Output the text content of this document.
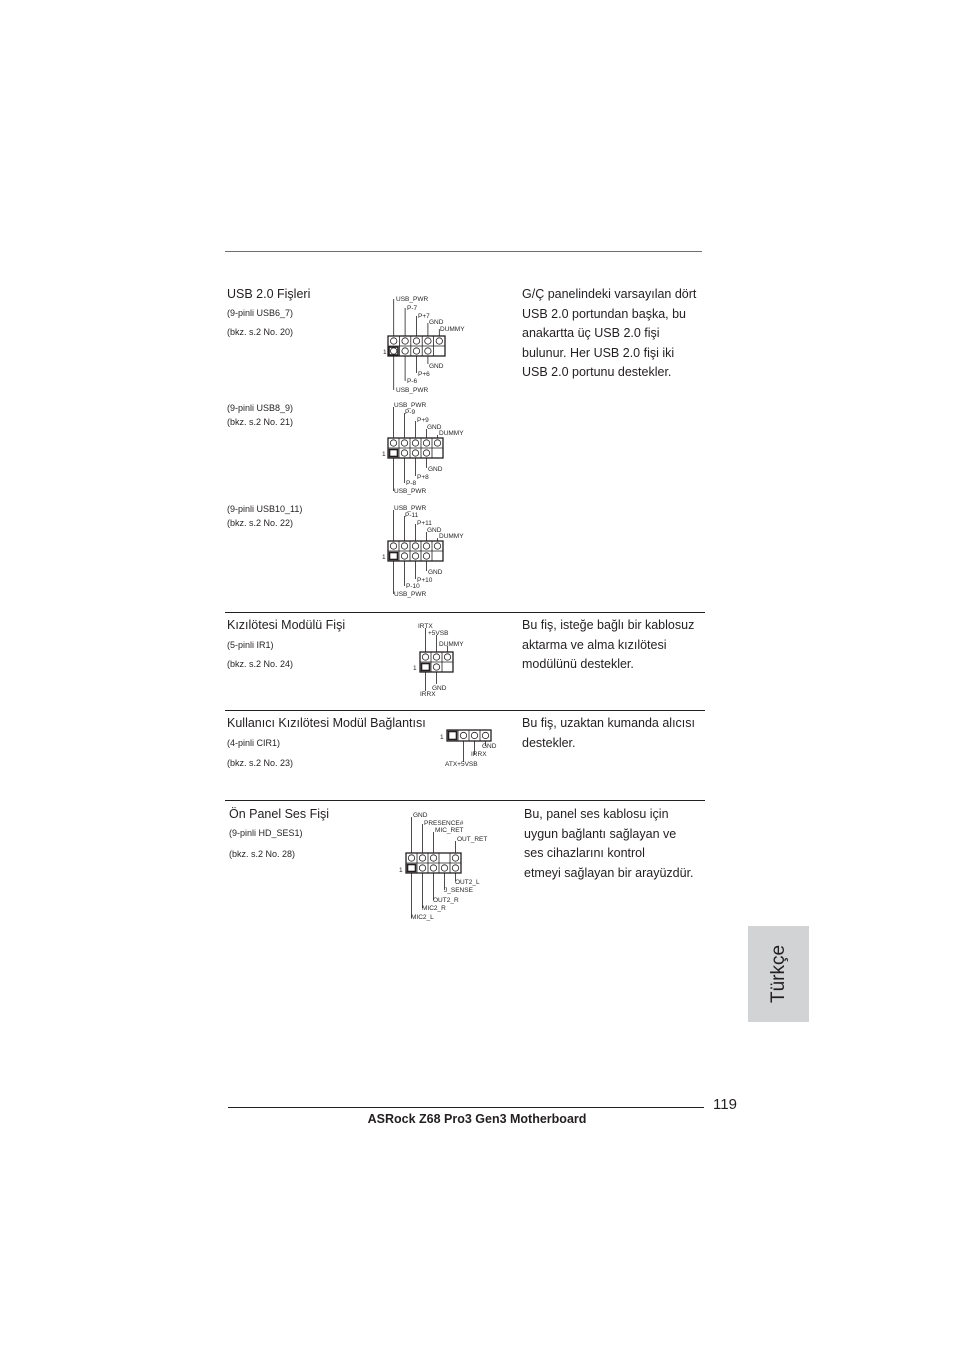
USB 2.0 Fişleri
(9-pinli USB6_7)
(bkz. s.2 No. 20)
(9-pinli USB8_9)
(bkz. s.2 No. 21)
(9-pinli USB10_11)
(bkz. s.2 No. 22)
G/Ç panelindeki varsayılan dört
USB 2.0 portundan başka, bu
anakartta üç USB 2.0 fişi
bulunur. Her USB 2.0 fişi iki
USB 2.0 portunu destekler.
USB_PWR
P-7
P+7
GND
DUMMY
GND
P+6
P-6
USB_PWR
1
USB_PWR
P-9
P+9
GND
DUMMY
GND
P+8
P-8
USB_PWR
1
USB_PWR
P-11
P+11
GND
DUMMY
GND
P+10
P-10
USB_PWR
1
Kızılötesi Modülü Fişi
(5-pinli IR1)
(bkz. s.2 No. 24)
Bu fiş, isteğe bağlı bir kablosuz
aktarma ve alma kızılötesi
modülünü destekler.
IRTX
+5VSB
DUMMY
GND
IRRX
1
Kullanıcı Kızılötesi Modül Bağlantısı
(4-pinli CIR1)
(bkz. s.2 No. 23)
Bu fiş, uzaktan kumanda alıcısı
destekler.
1
GND
IRRX
ATX+5VSB
Ön Panel Ses Fişi
(9-pinli HD_SES1)
(bkz. s.2 No. 28)
Bu, panel ses kablosu için
uygun bağlantı sağlayan ve
ses cihazlarını kontrol
etmeyi sağlayan bir arayüzdür.
GND
PRESENCE#
MIC_RET
OUT_RET
OUT2_L
J_SENSE
OUT2_R
MIC2_R
MIC2_L
1
Türkçe
119
ASRock Z68 Pro3 Gen3 Motherboard
